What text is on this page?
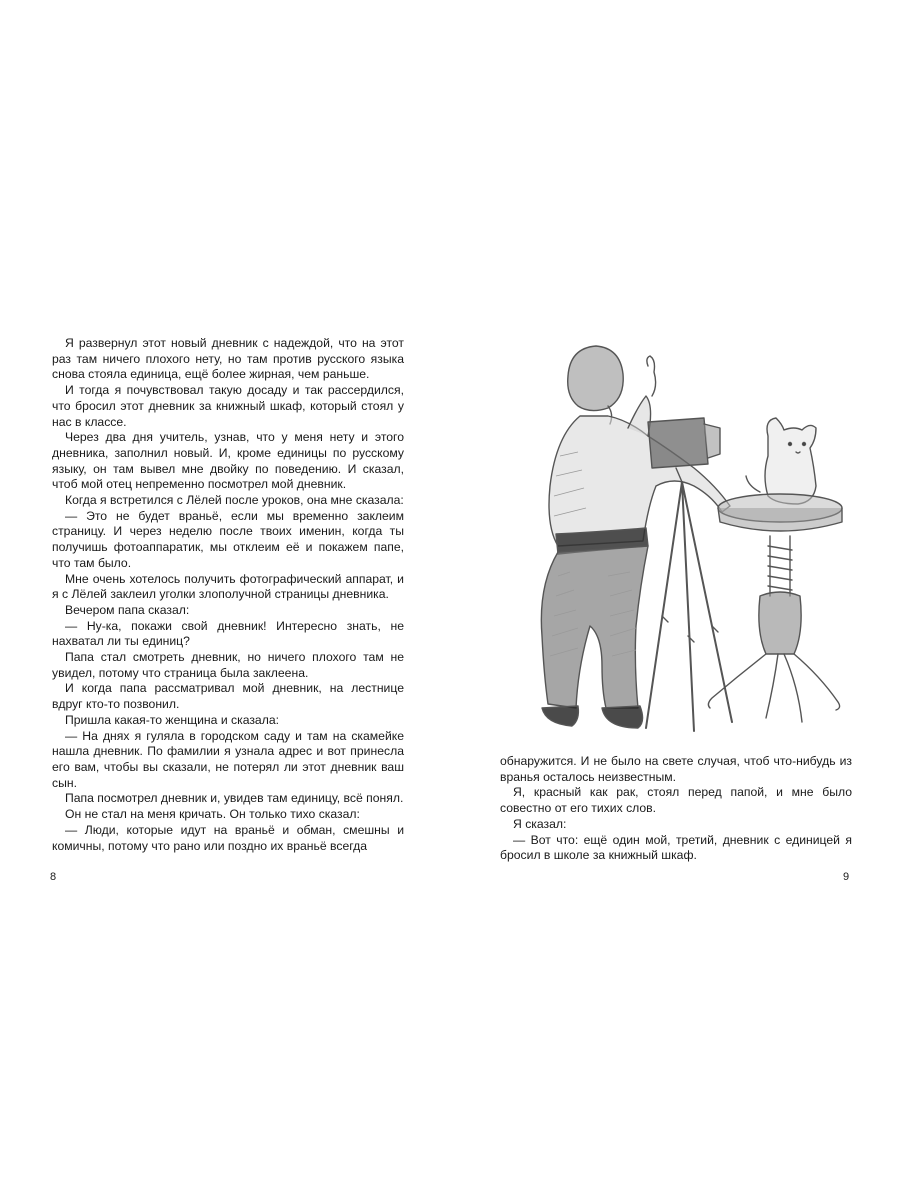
8	9

Я развернул этот новый дневник с надеждой, что на этот раз там ничего плохого нету, но там против русского языка снова стояла единица, ещё более жирная, чем раньше.

И тогда я почувствовал такую досаду и так рассердился, что бросил этот дневник за книжный шкаф, который стоял у нас в классе.

Через два дня учитель, узнав, что у меня нету и этого дневника, заполнил новый. И, кроме единицы по русскому языку, он там вывел мне двойку по поведению. И сказал, чтоб мой отец непременно посмотрел мой дневник.

Когда я встретился с Лёлей после уроков, она мне сказала:

— Это не будет враньё, если мы временно заклеим страницу. И через неделю после твоих именин, когда ты получишь фотоаппаратик, мы отклеим её и покажем папе, что там было.

Мне очень хотелось получить фотографический аппарат, и я с Лёлей заклеил уголки злополучной страницы дневника.

Вечером папа сказал:

— Ну-ка, покажи свой дневник! Интересно знать, не нахватал ли ты единиц?

Папа стал смотреть дневник, но ничего плохого там не увидел, потому что страница была заклеена.

И когда папа рассматривал мой дневник, на лестнице вдруг кто-то позвонил.

Пришла какая-то женщина и сказала:

— На днях я гуляла в городском саду и там на скамейке нашла дневник. По фамилии я узнала адрес и вот принесла его вам, чтобы вы сказали, не потерял ли этот дневник ваш сын.

Папа посмотрел дневник и, увидев там единицу, всё понял.

Он не стал на меня кричать. Он только тихо сказал:

— Люди, которые идут на враньё и обман, смешны и комичны, потому что рано или поздно их враньё всегда

обнаружится. И не было на свете случая, чтоб что-нибудь из вранья осталось неизвестным.

Я, красный как рак, стоял перед папой, и мне было совестно от его тихих слов.

Я сказал:

— Вот что: ещё один мой, третий, дневник с единицей я бросил в школе за книжный шкаф.
